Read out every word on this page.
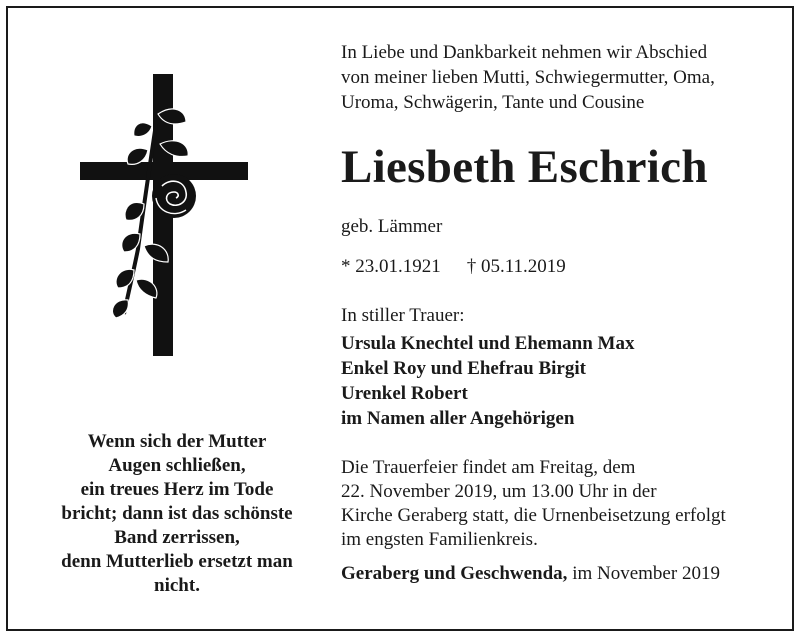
Wenn sich der Mutter
Augen schließen,
ein treues Herz im Tode
bricht; dann ist das schönste
Band zerrissen,
denn Mutterlieb ersetzt man
nicht.
In Liebe und Dankbarkeit nehmen wir Abschied
von meiner lieben Mutti, Schwiegermutter, Oma,
Uroma, Schwägerin, Tante und Cousine
Liesbeth Eschrich
geb. Lämmer
* 23.01.1921 † 05.11.2019
In stiller Trauer:
Ursula Knechtel und Ehemann Max
Enkel Roy und Ehefrau Birgit
Urenkel Robert
im Namen aller Angehörigen
Die Trauerfeier findet am Freitag, dem
22. November 2019, um 13.00 Uhr in der
Kirche Geraberg statt, die Urnenbeisetzung erfolgt
im engsten Familienkreis.
Geraberg und Geschwenda, im November 2019
